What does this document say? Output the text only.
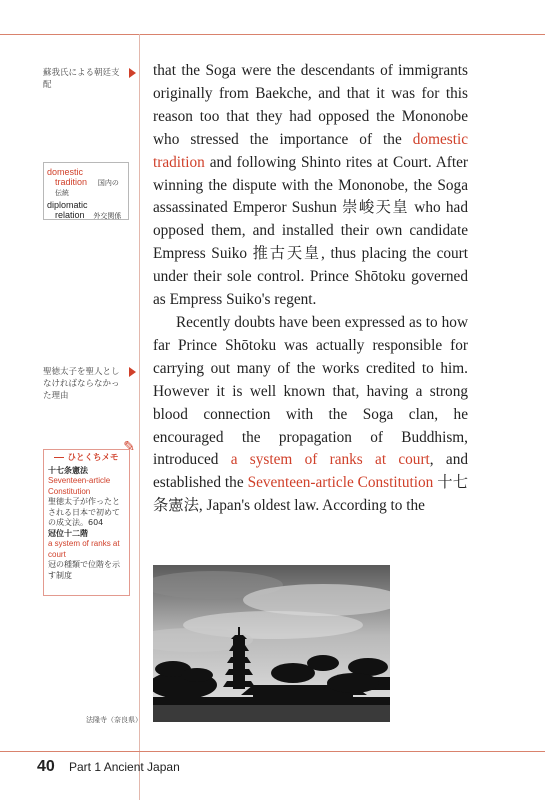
蘇我氏による朝廷支配
domestic
tradition 国内の伝統
diplomatic
relation 外交関係
聖徳太子を聖人としなければならなかった理由
✎
ひとくちメモ
十七条憲法
Seventeen-article Constitution
聖徳太子が作ったとされる日本で初めての成文法。604
冠位十二階
a system of ranks at court
冠の種類で位階を示す制度

that the Soga were the descendants of immigrants originally from Baekche, and that it was for this reason too that they had opposed the Mononobe who stressed the importance of the domestic tradition and following Shinto rites at Court. After winning the dispute with the Mononobe, the Soga assassinated Emperor Sushun 崇峻天皇 who had opposed them, and installed their own candidate Empress Suiko 推古天皇, thus placing the court under their sole control. Prince Shōtoku governed as Empress Suiko's regent.

Recently doubts have been expressed as to how far Prince Shōtoku was actually responsible for carrying out many of the works credited to him. However it is well known that, having a strong blood connection with the Soga clan, he encouraged the propagation of Buddhism, introduced a system of ranks at court, and established the Seventeen-article Constitution 十七条憲法, Japan's oldest law. According to the

法隆寺（奈良県）
40 Part 1 Ancient Japan
